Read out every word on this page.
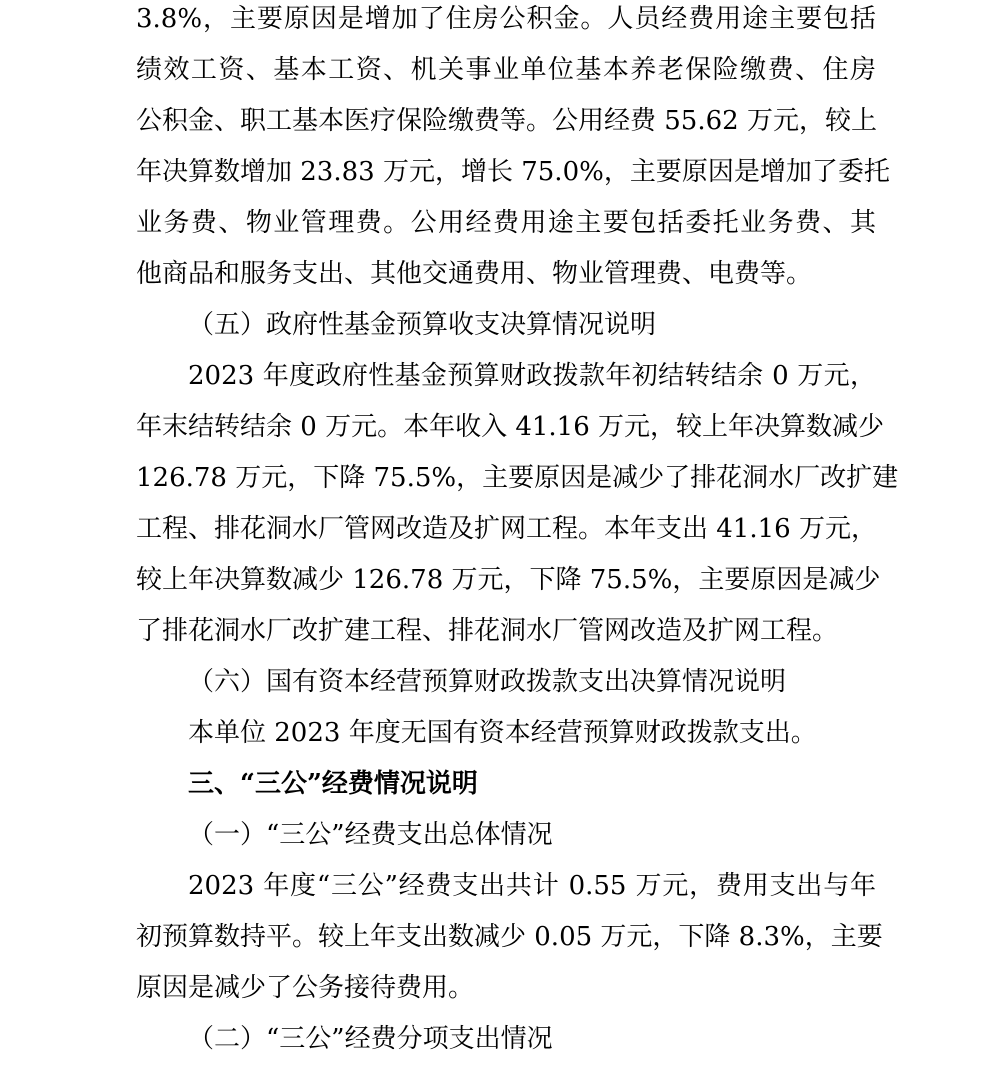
3.8%，主要原因是增加了住房公积金。人员经费用途主要包括
绩效工资、基本工资、机关事业单位基本养老保险缴费、住房
公积金、职工基本医疗保险缴费等。公用经费 55.62 万元，较上
年决算数增加 23.83 万元，增长 75.0%，主要原因是增加了委托
业务费、物业管理费。公用经费用途主要包括委托业务费、其
他商品和服务支出、其他交通费用、物业管理费、电费等。
（五）政府性基金预算收支决算情况说明
2023 年度政府性基金预算财政拨款年初结转结余 0 万元，
年末结转结余 0 万元。本年收入 41.16 万元，较上年决算数减少
126.78 万元，下降 75.5%，主要原因是减少了排花洞水厂改扩建
工程、排花洞水厂管网改造及扩网工程。本年支出 41.16 万元，
较上年决算数减少 126.78 万元，下降 75.5%，主要原因是减少
了排花洞水厂改扩建工程、排花洞水厂管网改造及扩网工程。
（六）国有资本经营预算财政拨款支出决算情况说明
本单位 2023 年度无国有资本经营预算财政拨款支出。
三、“三公”经费情况说明
（一）“三公”经费支出总体情况
2023 年度“三公”经费支出共计 0.55 万元，费用支出与年
初预算数持平。较上年支出数减少 0.05 万元，下降 8.3%，主要
原因是减少了公务接待费用。
（二）“三公”经费分项支出情况
